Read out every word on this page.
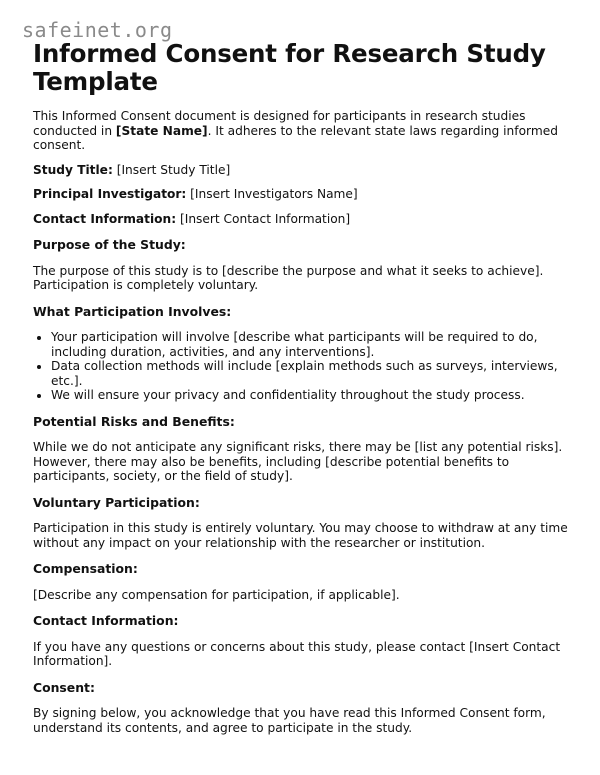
safeinet.org
Informed Consent for Research Study Template

This Informed Consent document is designed for participants in research studies conducted in [State Name]. It adheres to the relevant state laws regarding informed consent.

Study Title: [Insert Study Title]

Principal Investigator: [Insert Investigators Name]

Contact Information: [Insert Contact Information]

Purpose of the Study:

The purpose of this study is to [describe the purpose and what it seeks to achieve]. Participation is completely voluntary.

What Participation Involves:
• Your participation will involve [describe what participants will be required to do, including duration, activities, and any interventions].
• Data collection methods will include [explain methods such as surveys, interviews, etc.].
• We will ensure your privacy and confidentiality throughout the study process.
Potential Risks and Benefits:

While we do not anticipate any significant risks, there may be [list any potential risks]. However, there may also be benefits, including [describe potential benefits to participants, society, or the field of study].

Voluntary Participation:

Participation in this study is entirely voluntary. You may choose to withdraw at any time without any impact on your relationship with the researcher or institution.

Compensation:

[Describe any compensation for participation, if applicable].

Contact Information:

If you have any questions or concerns about this study, please contact [Insert Contact Information].

Consent:

By signing below, you acknowledge that you have read this Informed Consent form, understand its contents, and agree to participate in the study.
